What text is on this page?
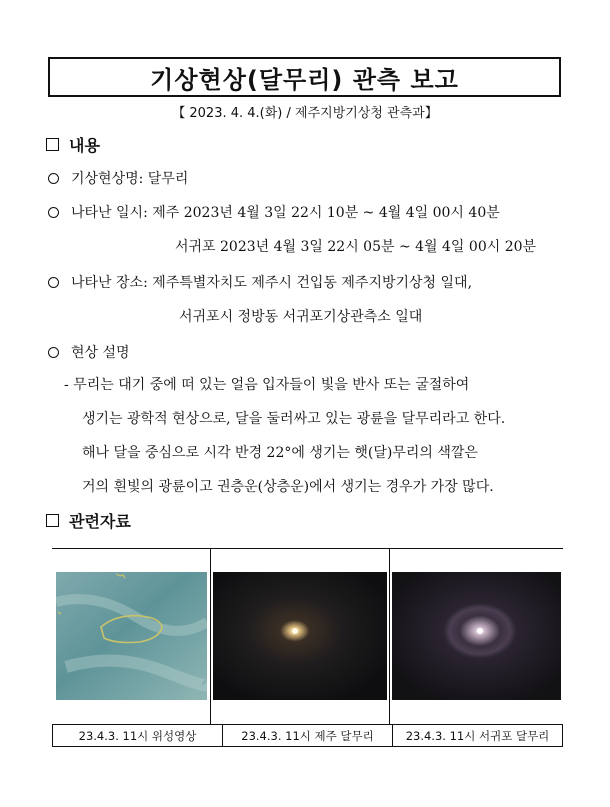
기상현상(달무리) 관측 보고
【 2023. 4. 4.(화) / 제주지방기상청 관측과】
내용
기상현상명: 달무리
나타난 일시: 제주 2023년 4월 3일 22시 10분 ~ 4월 4일 00시 40분
서귀포 2023년 4월 3일 22시 05분 ~ 4월 4일 00시 20분
나타난 장소: 제주특별자치도 제주시 건입동 제주지방기상청 일대,
서귀포시 정방동 서귀포기상관측소 일대
현상 설명
- 무리는 대기 중에 떠 있는 얼음 입자들이 빛을 반사 또는 굴절하여
생기는 광학적 현상으로, 달을 둘러싸고 있는 광륜을 달무리라고 한다.
해나 달을 중심으로 시각 반경 22°에 생기는 햇(달)무리의 색깔은
거의 흰빛의 광륜이고 권층운(상층운)에서 생기는 경우가 가장 많다.
관련자료
23.4.3. 11시 위성영상	23.4.3. 11시 제주 달무리	23.4.3. 11시 서귀포 달무리
